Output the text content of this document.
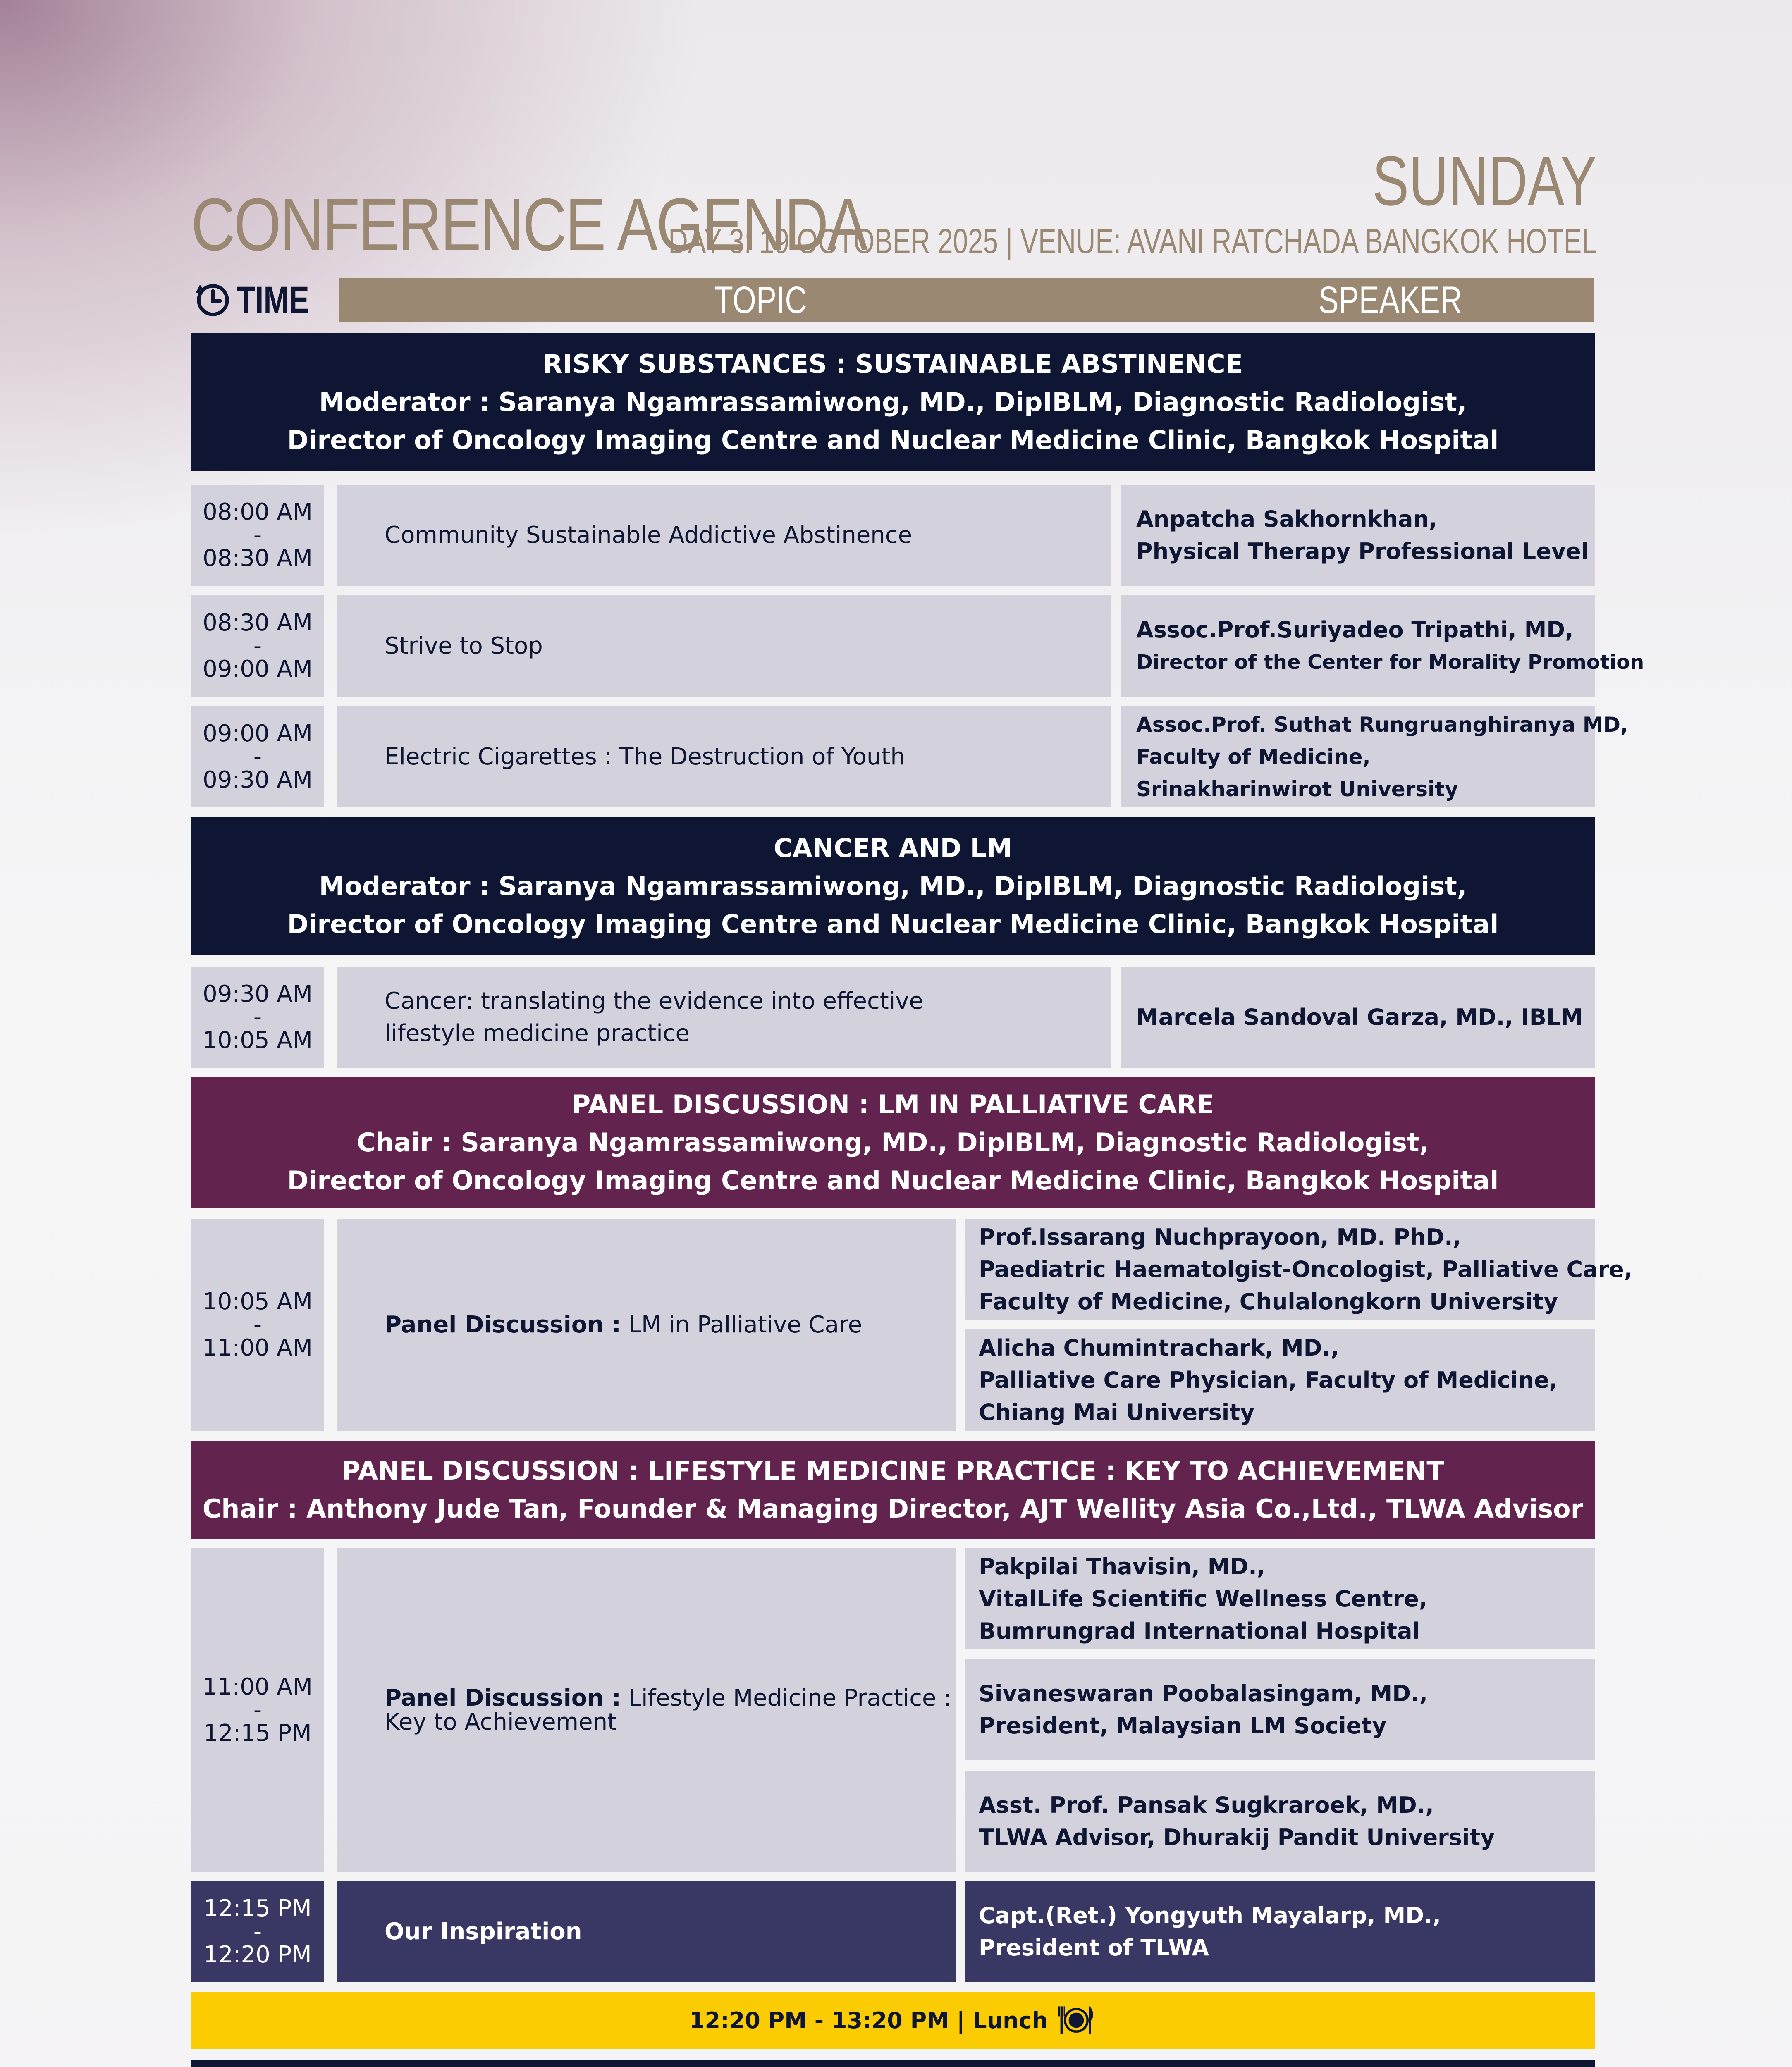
CONFERENCE AGENDA
SUNDAY
DAY 3: 19 OCTOBER 2025 | VENUE: AVANI RATCHADA BANGKOK HOTEL
TIME	TOPIC	SPEAKER
RISKY SUBSTANCES : SUSTAINABLE ABSTINENCE
Moderator : Saranya Ngamrassamiwong, MD., DipIBLM, Diagnostic Radiologist,
Director of Oncology Imaging Centre and Nuclear Medicine Clinic, Bangkok Hospital
08:00 AM
-
08:30 AM
Community Sustainable Addictive Abstinence
Anpatcha Sakhornkhan,
Physical Therapy Professional Level
08:30 AM
-
09:00 AM
Strive to Stop
Assoc.Prof.Suriyadeo Tripathi, MD,
Director of the Center for Morality Promotion
09:00 AM
-
09:30 AM
Electric Cigarettes : The Destruction of Youth
Assoc.Prof. Suthat Rungruanghiranya MD,
Faculty of Medicine,
Srinakharinwirot University
CANCER AND LM
Moderator : Saranya Ngamrassamiwong, MD., DipIBLM, Diagnostic Radiologist,
Director of Oncology Imaging Centre and Nuclear Medicine Clinic, Bangkok Hospital
09:30 AM
-
10:05 AM
Cancer: translating the evidence into effective
lifestyle medicine practice
Marcela Sandoval Garza, MD., IBLM
PANEL DISCUSSION : LM IN PALLIATIVE CARE
Chair : Saranya Ngamrassamiwong, MD., DipIBLM, Diagnostic Radiologist,
Director of Oncology Imaging Centre and Nuclear Medicine Clinic, Bangkok Hospital
10:05 AM
-
11:00 AM
Panel Discussion : LM in Palliative Care
Prof.Issarang Nuchprayoon, MD. PhD.,
Paediatric Haematolgist-Oncologist, Palliative Care,
Faculty of Medicine, Chulalongkorn University
Alicha Chumintrachark, MD.,
Palliative Care Physician, Faculty of Medicine,
Chiang Mai University
PANEL DISCUSSION : LIFESTYLE MEDICINE PRACTICE : KEY TO ACHIEVEMENT
Chair : Anthony Jude Tan, Founder & Managing Director, AJT Wellity Asia Co.,Ltd., TLWA Advisor
11:00 AM
-
12:15 PM
Panel Discussion : Lifestyle Medicine Practice :
Key to Achievement
Pakpilai Thavisin, MD.,
VitalLife Scientific Wellness Centre,
Bumrungrad International Hospital
Sivaneswaran Poobalasingam, MD.,
President, Malaysian LM Society
Asst. Prof. Pansak Sugkraroek, MD.,
TLWA Advisor, Dhurakij Pandit University
12:15 PM
-
12:20 PM
Our Inspiration
Capt.(Ret.) Yongyuth Mayalarp, MD.,
President of TLWA
12:20 PM - 13:20 PM | Lunch
